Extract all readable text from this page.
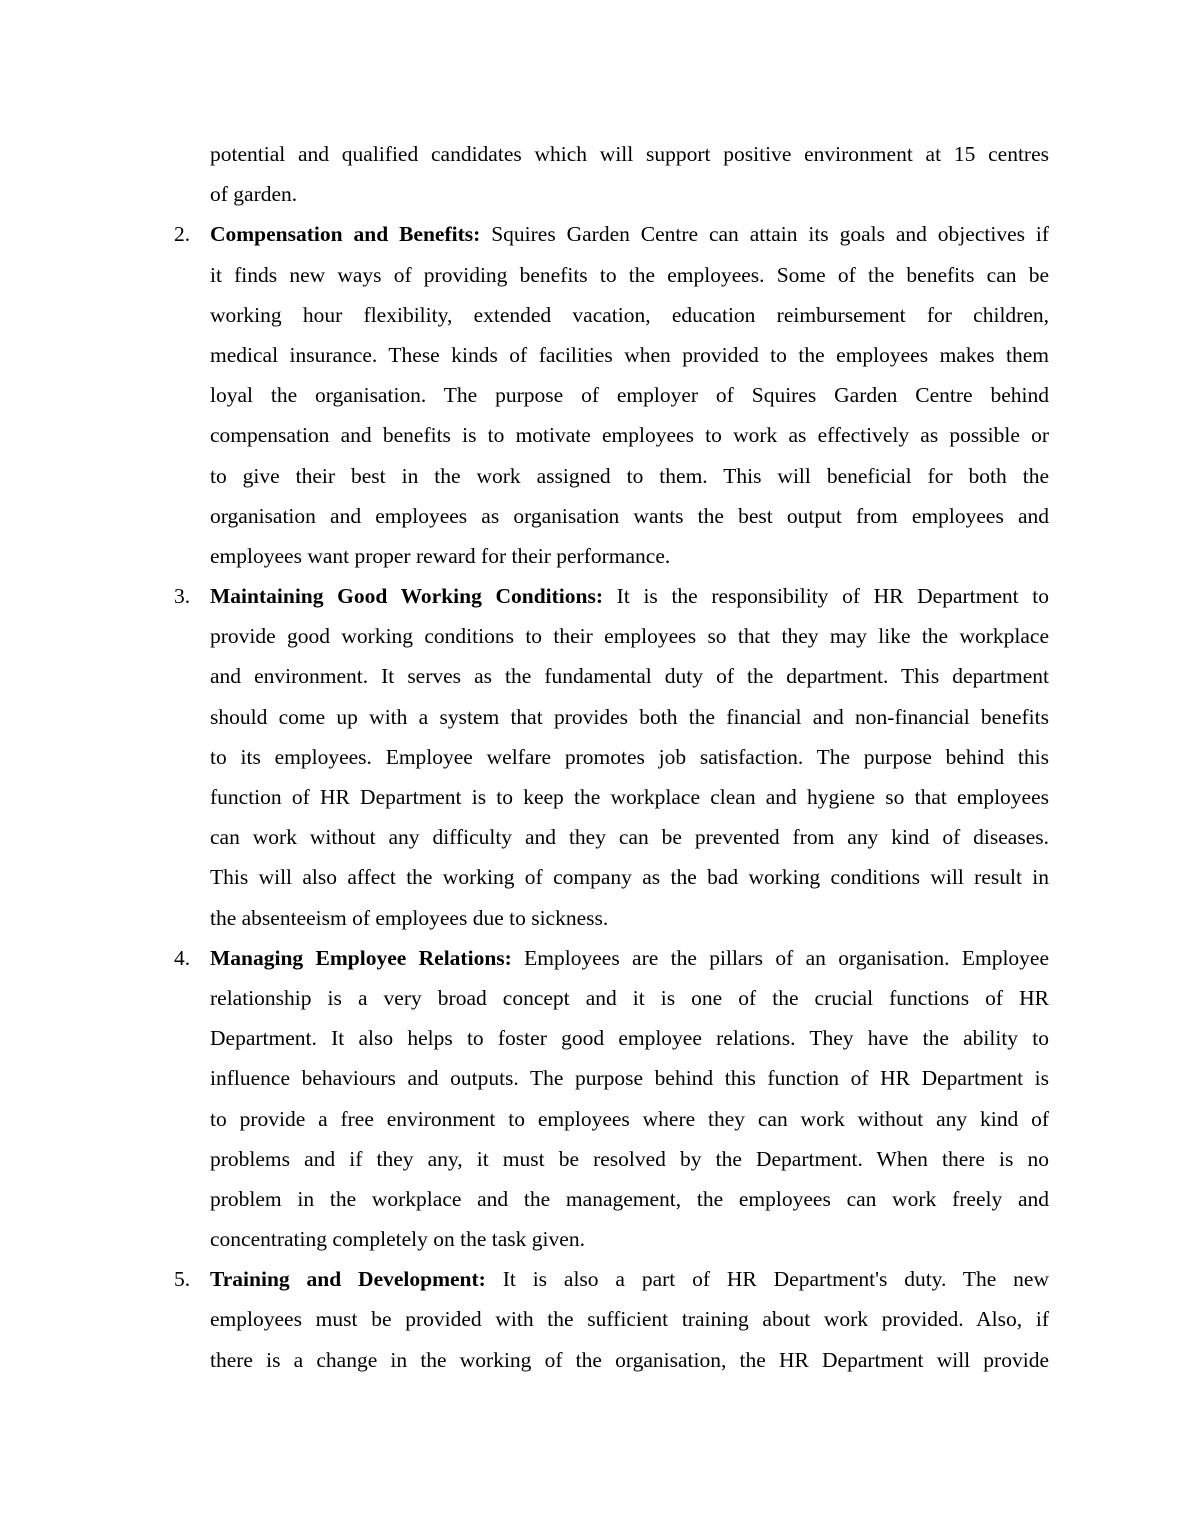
potential and qualified candidates which will support positive environment at 15 centres
of garden.
2. Compensation and Benefits: Squires Garden Centre can attain its goals and objectives if
it finds new ways of providing benefits to the employees. Some of the benefits can be
working hour flexibility, extended vacation, education reimbursement for children,
medical insurance. These kinds of facilities when provided to the employees makes them
loyal the organisation. The purpose of employer of Squires Garden Centre behind
compensation and benefits is to motivate employees to work as effectively as possible or
to give their best in the work assigned to them. This will beneficial for both the
organisation and employees as organisation wants the best output from employees and
employees want proper reward for their performance.
3. Maintaining Good Working Conditions: It is the responsibility of HR Department to
provide good working conditions to their employees so that they may like the workplace
and environment. It serves as the fundamental duty of the department. This department
should come up with a system that provides both the financial and non-financial benefits
to its employees. Employee welfare promotes job satisfaction. The purpose behind this
function of HR Department is to keep the workplace clean and hygiene so that employees
can work without any difficulty and they can be prevented from any kind of diseases.
This will also affect the working of company as the bad working conditions will result in
the absenteeism of employees due to sickness.
4. Managing Employee Relations: Employees are the pillars of an organisation. Employee
relationship is a very broad concept and it is one of the crucial functions of HR
Department. It also helps to foster good employee relations. They have the ability to
influence behaviours and outputs. The purpose behind this function of HR Department is
to provide a free environment to employees where they can work without any kind of
problems and if they any, it must be resolved by the Department. When there is no
problem in the workplace and the management, the employees can work freely and
concentrating completely on the task given.
5. Training and Development: It is also a part of HR Department's duty. The new
employees must be provided with the sufficient training about work provided. Also, if
there is a change in the working of the organisation, the HR Department will provide
